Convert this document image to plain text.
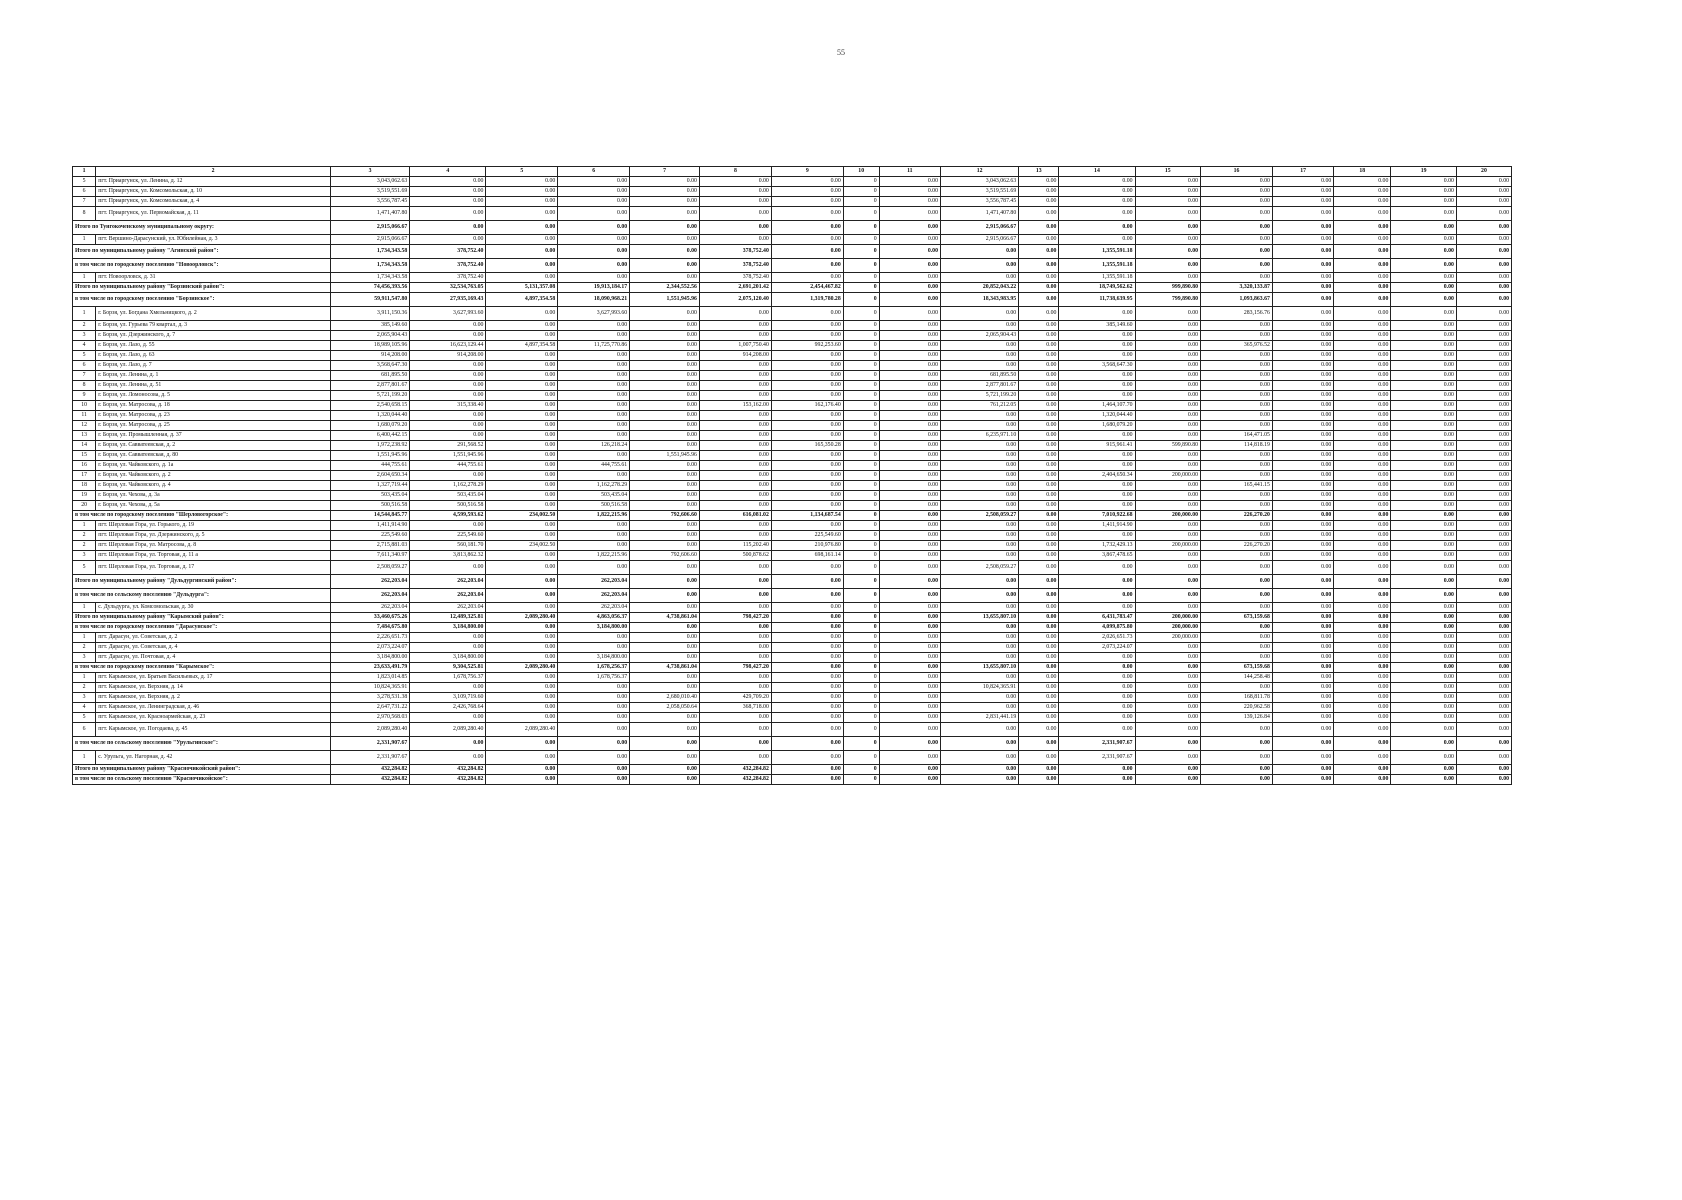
55
1	2	3	4	5	6	7	8	9	10	11	12	13	14	15	16	17	18	19	20
5	пгт. Приаргунск, ул. Ленина, д. 12	3,043,062.63	0.00	0.00	0.00	0.00	0.00	0.00	0	0.00	3,043,062.63	0.00	0.00	0.00	0.00	0.00	0.00	0.00	0.00
6	пгт. Приаргунск, ул. Комсомольская, д. 10	3,519,551.69	0.00	0.00	0.00	0.00	0.00	0.00	0	0.00	3,519,551.69	0.00	0.00	0.00	0.00	0.00	0.00	0.00	0.00
7	пгт. Приаргунск, ул. Комсомольская, д. 4	3,556,787.45	0.00	0.00	0.00	0.00	0.00	0.00	0	0.00	3,556,787.45	0.00	0.00	0.00	0.00	0.00	0.00	0.00	0.00
8	пгт. Приаргунск, ул. Первомайская, д. 11	1,471,407.80	0.00	0.00	0.00	0.00	0.00	0.00	0	0.00	1,471,407.80	0.00	0.00	0.00	0.00	0.00	0.00	0.00	0.00
Итого по Тунгокоченскому муниципальному округу:		2,915,066.67	0.00	0.00	0.00	0.00	0.00	0.00	0	0.00	2,915,066.67	0.00	0.00	0.00	0.00	0.00	0.00	0.00	0.00
1	пгт. Вершино-Дарасунский, ул. Юбилейная, д. 3	2,915,066.67	0.00	0.00	0.00	0.00	0.00	0.00	0	0.00	2,915,066.67	0.00	0.00	0.00	0.00	0.00	0.00	0.00	0.00
Итого по муниципальному району "Агинский район":		1,734,343.58	378,752.40	0.00	0.00	0.00	378,752.40	0.00	0	0.00	0.00	0.00	1,355,591.18	0.00	0.00	0.00	0.00	0.00	0.00
в том числе по городскому поселению "Новоорловск":		1,734,343.58	378,752.40	0.00	0.00	0.00	378,752.40	0.00	0	0.00	0.00	0.00	1,355,591.18	0.00	0.00	0.00	0.00	0.00	0.00
1	пгт. Новоорловск, д. 31	1,734,343.58	378,752.40	0.00	0.00	0.00	378,752.40	0.00	0	0.00	0.00	0.00	1,355,591.18	0.00	0.00	0.00	0.00	0.00	0.00
Итого по муниципальному району "Борзинский район":		74,456,393.56	32,534,763.05	5,131,357.08	19,913,184.17	2,344,552.56	2,691,201.42	2,454,467.82	0	0.00	20,852,043.22	0.00	18,749,562.62	999,890.80	3,320,133.87	0.00	0.00	0.00	0.00
в том числе по городскому поселению "Борзинское":		59,911,547.80	27,935,169.43	4,897,354.58	18,090,968.21	1,551,945.96	2,075,120.40	1,319,780.28	0	0.00	18,343,983.95	0.00	11,738,639.95	799,890.80	1,093,863.67	0.00	0.00	0.00	0.00
1	г. Борзя, ул. Богдана Хмельницкого, д. 2	3,911,150.36	3,627,993.60	0.00	3,627,993.60	0.00	0.00	0.00	0	0.00	0.00	0.00	0.00	0.00	283,156.76	0.00	0.00	0.00	0.00
2	г. Борзя, ул. Гурьева 79 квартал, д. 3	385,149.60	0.00	0.00	0.00	0.00	0.00	0.00	0	0.00	0.00	0.00	385,149.60	0.00	0.00	0.00	0.00	0.00	0.00
3	г. Борзя, ул. Дзержинского, д. 7	2,065,904.43	0.00	0.00	0.00	0.00	0.00	0.00	0	0.00	2,065,904.43	0.00	0.00	0.00	0.00	0.00	0.00	0.00	0.00
4	г. Борзя, ул. Лазо, д. 55	18,989,105.96	16,623,129.44	4,897,354.58	11,725,770.86	0.00	1,007,750.40	992,253.60	0	0.00	0.00	0.00	0.00	0.00	365,976.52	0.00	0.00	0.00	0.00
5	г. Борзя, ул. Лазо, д. 63	914,208.00	914,208.00	0.00	0.00	0.00	914,208.00	0.00	0	0.00	0.00	0.00	0.00	0.00	0.00	0.00	0.00	0.00	0.00
6	г. Борзя, ул. Лазо, д. 7	3,568,647.30	0.00	0.00	0.00	0.00	0.00	0.00	0	0.00	0.00	0.00	3,568,647.30	0.00	0.00	0.00	0.00	0.00	0.00
7	г. Борзя, ул. Ленина, д. 1	681,895.50	0.00	0.00	0.00	0.00	0.00	0.00	0	0.00	681,895.50	0.00	0.00	0.00	0.00	0.00	0.00	0.00	0.00
8	г. Борзя, ул. Ленина, д. 51	2,877,801.67	0.00	0.00	0.00	0.00	0.00	0.00	0	0.00	2,877,801.67	0.00	0.00	0.00	0.00	0.00	0.00	0.00	0.00
9	г. Борзя, ул. Ломоносова, д. 5	5,721,199.20	0.00	0.00	0.00	0.00	0.00	0.00	0	0.00	5,721,199.20	0.00	0.00	0.00	0.00	0.00	0.00	0.00	0.00
10	г. Борзя, ул. Матросова, д. 18	2,540,658.15	315,338.40	0.00	0.00	0.00	153,162.00	162,176.40	0	0.00	761,212.05	0.00	1,464,107.70	0.00	0.00	0.00	0.00	0.00	0.00
11	г. Борзя, ул. Матросова, д. 23	1,320,044.40	0.00	0.00	0.00	0.00	0.00	0.00	0	0.00	0.00	0.00	1,320,044.40	0.00	0.00	0.00	0.00	0.00	0.00
12	г. Борзя, ул. Матросова, д. 25	1,680,079.20	0.00	0.00	0.00	0.00	0.00	0.00	0	0.00	0.00	0.00	1,680,079.20	0.00	0.00	0.00	0.00	0.00	0.00
13	г. Борзя, ул. Промышленная, д. 37	6,400,442.15	0.00	0.00	0.00	0.00	0.00	0.00	0	0.00	6,235,971.10	0.00	0.00	0.00	164,471.05	0.00	0.00	0.00	0.00
14	г. Борзя, ул. Савватеевская, д. 2	1,972,238.92	291,568.52	0.00	126,218.24	0.00	0.00	165,350.28	0	0.00	0.00	0.00	915,961.41	599,890.80	114,818.19	0.00	0.00	0.00	0.00
15	г. Борзя, ул. Савватеевская, д. 80	1,551,945.96	1,551,945.96	0.00	0.00	1,551,945.96	0.00	0.00	0	0.00	0.00	0.00	0.00	0.00	0.00	0.00	0.00	0.00	0.00
16	г. Борзя, ул. Чайковского, д. 1а	444,755.61	444,755.61	0.00	444,755.61	0.00	0.00	0.00	0	0.00	0.00	0.00	0.00	0.00	0.00	0.00	0.00	0.00	0.00
17	г. Борзя, ул. Чайковского, д. 2	2,604,650.34	0.00	0.00	0.00	0.00	0.00	0.00	0	0.00	0.00	0.00	2,404,650.34	200,000.00	0.00	0.00	0.00	0.00	0.00
18	г. Борзя, ул. Чайковского, д. 4	1,327,719.44	1,162,278.29	0.00	1,162,278.29	0.00	0.00	0.00	0	0.00	0.00	0.00	0.00	0.00	165,441.15	0.00	0.00	0.00	0.00
19	г. Борзя, ул. Чехова, д. 3а	503,435.04	503,435.04	0.00	503,435.04	0.00	0.00	0.00	0	0.00	0.00	0.00	0.00	0.00	0.00	0.00	0.00	0.00	0.00
20	г. Борзя, ул. Чехова, д. 5а	500,516.58	500,516.58	0.00	500,516.58	0.00	0.00	0.00	0	0.00	0.00	0.00	0.00	0.00	0.00	0.00	0.00	0.00	0.00
в том числе по городскому поселению "Шерловогорское":		14,544,845.77	4,599,593.62	234,002.50	1,822,215.96	792,606.60	616,081.02	1,134,687.54	0	0.00	2,508,059.27	0.00	7,010,922.68	200,000.00	226,270.20	0.00	0.00	0.00	0.00
1	пгт. Шерловая Гора, ул. Горького, д. 19	1,411,914.90	0.00	0.00	0.00	0.00	0.00	0.00	0	0.00	0.00	0.00	1,411,914.90	0.00	0.00	0.00	0.00	0.00	0.00
2	пгт. Шерловая Гора, ул. Дзержинского, д. 5	225,549.60	225,549.60	0.00	0.00	0.00	0.00	225,549.60	0	0.00	0.00	0.00	0.00	0.00	0.00	0.00	0.00	0.00	0.00
2	пгт. Шерловая Гора, ул. Матросова, д. 8	2,715,881.03	560,181.70	234,002.50	0.00	0.00	115,202.40	210,976.80	0	0.00	0.00	0.00	1,732,429.13	200,000.00	226,270.20	0.00	0.00	0.00	0.00
3	пгт. Шерловая Гора, ул. Торговая, д. 11 а	7,611,340.97	3,813,862.32	0.00	1,822,215.96	792,606.60	500,878.62	698,161.14	0	0.00	0.00	0.00	3,867,478.65	0.00	0.00	0.00	0.00	0.00	0.00
5	пгт. Шерловая Гора, ул. Торговая, д. 17	2,508,059.27	0.00	0.00	0.00	0.00	0.00	0.00	0	0.00	2,508,059.27	0.00	0.00	0.00	0.00	0.00	0.00	0.00	0.00
Итого по муниципальному району "Дульдургинский район":		262,203.04	262,203.04	0.00	262,203.04	0.00	0.00	0.00	0	0.00	0.00	0.00	0.00	0.00	0.00	0.00	0.00	0.00	0.00
в том числе по сельскому поселению "Дульдурга":		262,203.04	262,203.04	0.00	262,203.04	0.00	0.00	0.00	0	0.00	0.00	0.00	0.00	0.00	0.00	0.00	0.00	0.00	0.00
1	с. Дульдурга, ул. Комсомольская, д. 30	262,203.04	262,203.04	0.00	262,203.04	0.00	0.00	0.00	0	0.00	0.00	0.00	0.00	0.00	0.00	0.00	0.00	0.00	0.00
Итого по муниципальному району "Карымский район":		33,460,675.26	12,489,325.81	2,089,280.40	4,863,056.37	4,738,861.04	798,427.20	0.00	0	0.00	13,655,807.10	0.00	6,431,783.47	200,000.00	673,159.68	0.00	0.00	0.00	0.00
в том числе по городскому поселению "Дарасунское":		7,484,675.80	3,184,800.00	0.00	3,184,800.00	0.00	0.00	0.00	0	0.00	0.00	0.00	4,099,875.80	200,000.00	0.00	0.00	0.00	0.00	0.00
1	пгт. Дарасун, ул. Советская, д. 2	2,226,651.73	0.00	0.00	0.00	0.00	0.00	0.00	0	0.00	0.00	0.00	2,026,651.73	200,000.00	0.00	0.00	0.00	0.00	0.00
2	пгт. Дарасун, ул. Советская, д. 4	2,073,224.07	0.00	0.00	0.00	0.00	0.00	0.00	0	0.00	0.00	0.00	2,073,224.07	0.00	0.00	0.00	0.00	0.00	0.00
3	пгт. Дарасун, ул. Почтовая, д. 4	3,184,800.00	3,184,800.00	0.00	3,184,800.00	0.00	0.00	0.00	0	0.00	0.00	0.00	0.00	0.00	0.00	0.00	0.00	0.00	0.00
в том числе по городскому поселению "Карымское":		23,633,491.79	9,304,525.81	2,089,280.40	1,678,256.37	4,738,861.04	798,427.20	0.00	0	0.00	13,655,807.10	0.00	0.00	0.00	673,159.68	0.00	0.00	0.00	0.00
1	пгт. Карымское, ул. Братьев Васильевых, д. 17	1,823,014.85	1,678,756.37	0.00	1,678,756.37	0.00	0.00	0.00	0	0.00	0.00	0.00	0.00	0.00	144,258.48	0.00	0.00	0.00	0.00
2	пгт. Карымское, ул. Верхняя, д. 14	10,824,365.91	0.00	0.00	0.00	0.00	0.00	0.00	0	0.00	10,824,365.91	0.00	0.00	0.00	0.00	0.00	0.00	0.00	0.00
3	пгт. Карымское, ул. Верхняя, д. 2	3,278,531.38	3,109,719.60	0.00	0.00	2,680,010.40	429,709.20	0.00	0	0.00	0.00	0.00	0.00	0.00	168,811.78	0.00	0.00	0.00	0.00
4	пгт. Карымское, ул. Ленинградская, д. 46	2,647,731.22	2,426,768.64	0.00	0.00	2,058,050.64	368,718.00	0.00	0	0.00	0.00	0.00	0.00	0.00	220,962.58	0.00	0.00	0.00	0.00
5	пгт. Карымское, ул. Красноармейская, д. 23	2,970,568.03	0.00	0.00	0.00	0.00	0.00	0.00	0	0.00	2,831,441.19	0.00	0.00	0.00	139,126.84	0.00	0.00	0.00	0.00
6	пгт. Карымское, ул. Погодаева, д. 45	2,089,280.40	2,089,280.40	2,089,280.40	0.00	0.00	0.00	0.00	0	0.00	0.00	0.00	0.00	0.00	0.00	0.00	0.00	0.00	0.00
в том числе по сельскому поселению "Урульгинское":		2,331,907.67	0.00	0.00	0.00	0.00	0.00	0.00	0	0.00	0.00	0.00	2,331,907.67	0.00	0.00	0.00	0.00	0.00	0.00
1	с. Урульга, ул. Нагорная, д. 42	2,331,907.67	0.00	0.00	0.00	0.00	0.00	0.00	0	0.00	0.00	0.00	2,331,907.67	0.00	0.00	0.00	0.00	0.00	0.00
Итого по муниципальному району "Красночикойский район":		432,284.82	432,284.82	0.00	0.00	0.00	432,284.82	0.00	0	0.00	0.00	0.00	0.00	0.00	0.00	0.00	0.00	0.00	0.00
в том числе по сельскому поселению "Красночикойское":		432,284.82	432,284.82	0.00	0.00	0.00	432,284.82	0.00	0	0.00	0.00	0.00	0.00	0.00	0.00	0.00	0.00	0.00	0.00
